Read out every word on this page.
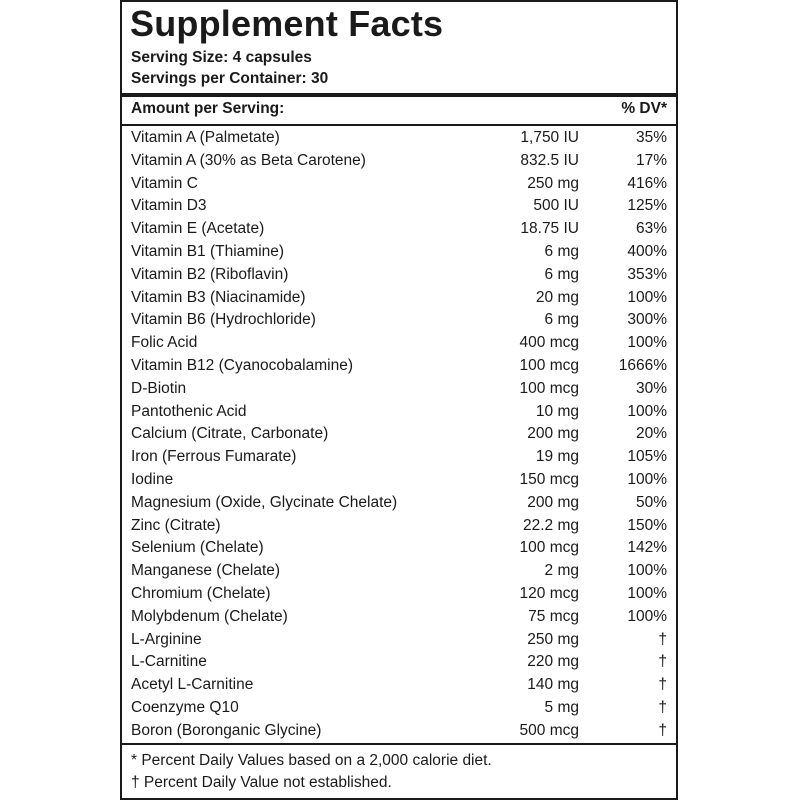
Supplement Facts
Serving Size: 4 capsules
Servings per Container: 30
Amount per Serving:	% DV*
Vitamin A (Palmetate)	1,750 IU	35%
Vitamin A (30% as Beta Carotene)	832.5 IU	17%
Vitamin C	250 mg	416%
Vitamin D3	500 IU	125%
Vitamin E (Acetate)	18.75 IU	63%
Vitamin B1 (Thiamine)	6 mg	400%
Vitamin B2 (Riboflavin)	6 mg	353%
Vitamin B3 (Niacinamide)	20 mg	100%
Vitamin B6 (Hydrochloride)	6 mg	300%
Folic Acid	400 mcg	100%
Vitamin B12 (Cyanocobalamine)	100 mcg	1666%
D-Biotin	100 mcg	30%
Pantothenic Acid	10 mg	100%
Calcium (Citrate, Carbonate)	200 mg	20%
Iron (Ferrous Fumarate)	19 mg	105%
Iodine	150 mcg	100%
Magnesium (Oxide, Glycinate Chelate)	200 mg	50%
Zinc (Citrate)	22.2 mg	150%
Selenium (Chelate)	100 mcg	142%
Manganese (Chelate)	2 mg	100%
Chromium (Chelate)	120 mcg	100%
Molybdenum (Chelate)	75 mcg	100%
L-Arginine	250 mg	†
L-Carnitine	220 mg	†
Acetyl L-Carnitine	140 mg	†
Coenzyme Q10	5 mg	†
Boron (Boronganic Glycine)	500 mcg	†
* Percent Daily Values based on a 2,000 calorie diet.
† Percent Daily Value not established.
